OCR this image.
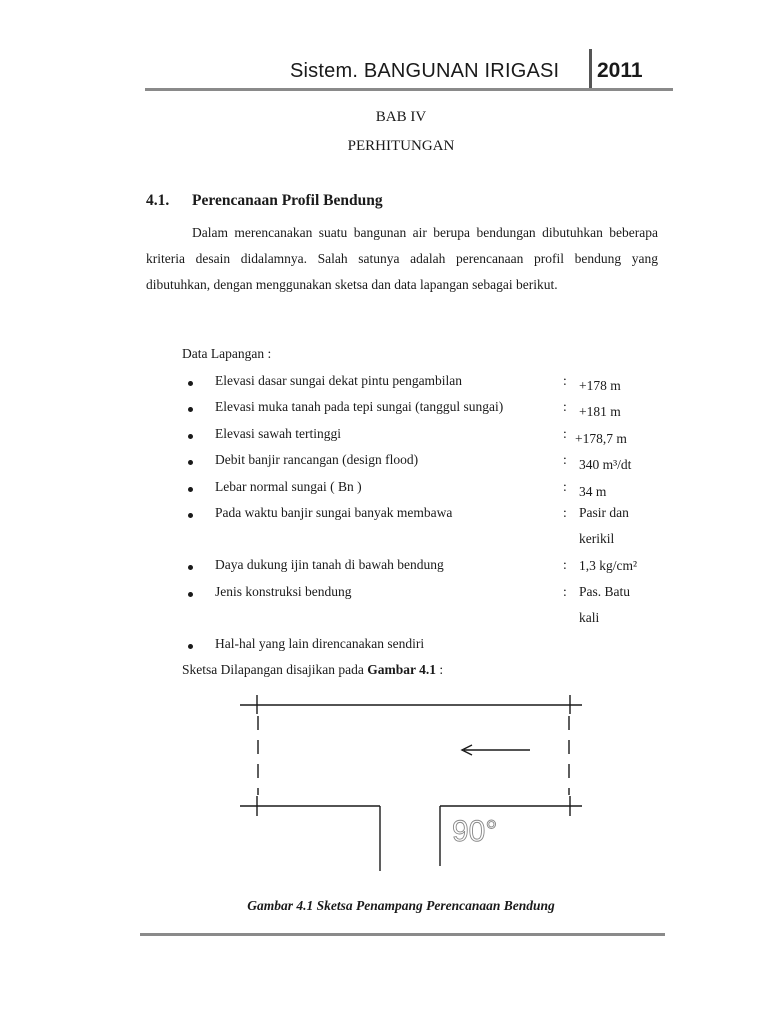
Sistem. BANGUNAN IRIGASI 2011
BAB IV
PERHITUNGAN
4.1. Perencanaan Profil Bendung
Dalam merencanakan suatu bangunan air berupa bendungan dibutuhkan beberapa kriteria desain didalamnya. Salah satunya adalah perencanaan profil bendung yang dibutuhkan, dengan menggunakan sketsa dan data lapangan sebagai berikut.
Data Lapangan :
Elevasi dasar sungai dekat pintu pengambilan	: +178 m
Elevasi muka tanah pada tepi sungai (tanggul sungai)	: +181 m
Elevasi sawah tertinggi	: +178,7 m
Debit banjir rancangan (design flood)	: 340 m³/dt
Lebar normal sungai ( Bn )	: 34 m
Pada waktu banjir sungai banyak membawa	: Pasir dan kerikil
Daya dukung ijin tanah di bawah bendung	: 1,3 kg/cm²
Jenis konstruksi bendung	: Pas. Batu kali
Hal-hal yang lain direncanakan sendiri
Sketsa Dilapangan disajikan pada Gambar 4.1 :
90°
Gambar 4.1 Sketsa Penampang Perencanaan Bendung
